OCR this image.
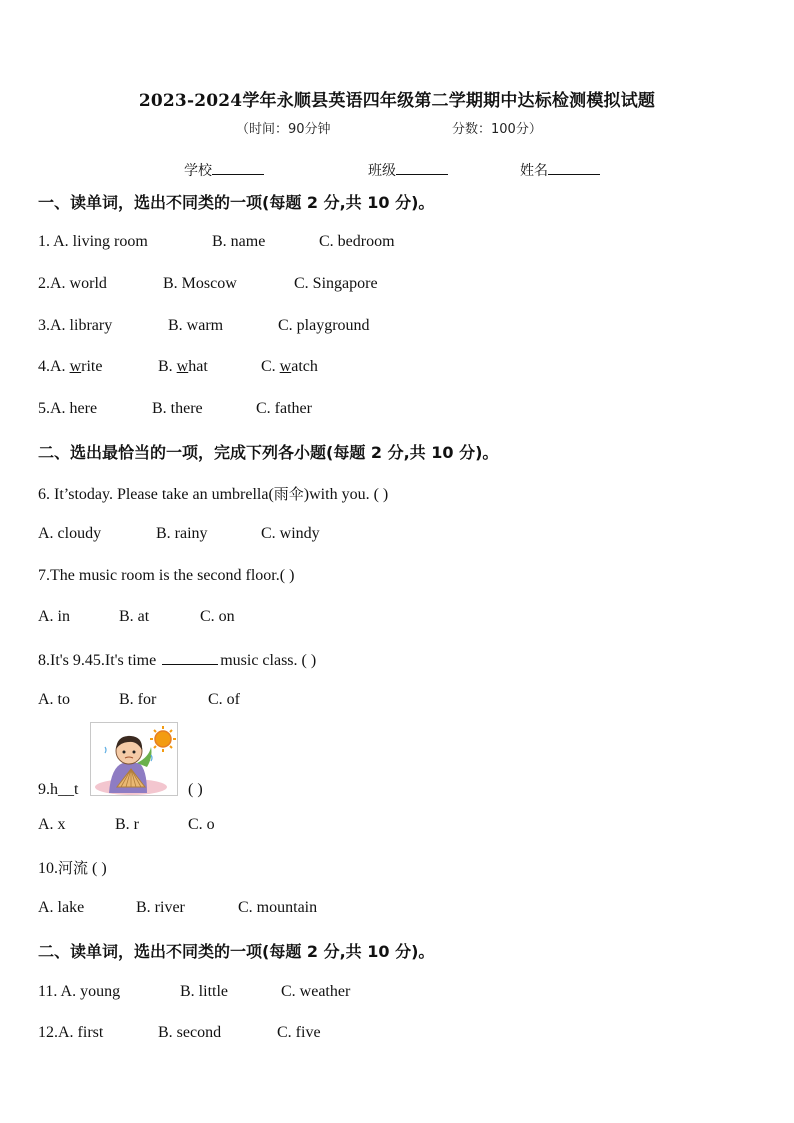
2023-2024学年永顺县英语四年级第二学期期中达标检测模拟试题
（时间：90分钟	分数：100分）
学校	班级	姓名
一、读单词，选出不同类的一项(每题 2 分,共 10 分)。
1. A. living room	B. name	C. bedroom
2.A. world	B. Moscow	C. Singapore
3.A. library	B. warm	C. playground
4.A. write	B. what	C. watch
5.A. here	B. there	C. father
二、选出最恰当的一项，完成下列各小题(每题 2 分,共 10 分)。
6. It’stoday. Please take an umbrella(雨伞)with you. ( )
A. cloudy	B. rainy	C. windy
7.The music room is the second floor.( )
A. in	B. at	C. on
8.It's 9.45.It's time	music class. ( )
A. to	B. for	C. of
9.h__t	( )
A. x	B. r	C. o
10.河流 ( )
A. lake	B. river	C. mountain
二、读单词，选出不同类的一项(每题 2 分,共 10 分)。
11. A. young	B. little	C. weather
12.A. first	B. second	C. five
